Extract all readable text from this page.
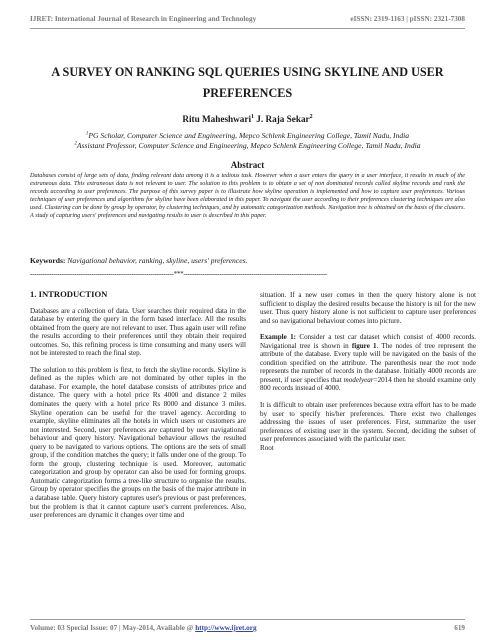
IJRET: International Journal of Research in Engineering and Technology	eISSN: 2319-1163 | pISSN: 2321-7308
A SURVEY ON RANKING SQL QUERIES USING SKYLINE AND USER
PREFERENCES
Ritu Maheshwari$^1$ J. Raja Sekar$^2$
$^1$PG Scholar, Computer Science and Engineering, Mepco Schlenk Engineering College, Tamil Nadu, India
$^2$Assistant Professor, Computer Science and Engineering, Mepco Schlenk Engineering College, Tamil Nadu, India
Abstract
Databases consist of large sets of data, finding relevant data among it is a tedious task. However when a user enters the query in a user interface, it results in much of the extraneous data. This extraneous data is not relevant to user. The solution to this problem is to obtain a set of non dominated records called skyline records and rank the records according to user preferences. The purpose of this survey paper is to illustrate how skyline operation is implemented and how to capture user preferences. Various techniques of user preferences and algorithms for skyline have been elaborated in this paper. To navigate the user according to their preferences clustering techniques are also used. Clustering can be done by group by operator, by clustering techniques, and by automatic categorization methods. Navigation tree is obtained on the basis of the clusters. A study of capturing users' preferences and navigating results to user is described in this paper.
Keywords: Navigational behavior, ranking, skyline, users' preferences.
--------------------------------------------------------------------***--------------------------------------------------------------------
1. INTRODUCTION

Databases are a collection of data. User searches their required data in the database by entering the query in the form based interface. All the results obtained from the query are not relevant to user. Thus again user will refine the results according to their preferences until they obtain their required outcomes. So, this refining process is time consuming and many users will not be interested to reach the final step.

The solution to this problem is first, to fetch the skyline records. Skyline is defined as the tuples which are not dominated by other tuples in the database. For example, the hotel database consists of attributes price and distance. The query with a hotel price Rs 4000 and distance 2 miles dominates the query with a hotel price Rs 8000 and distance 3 miles. Skyline operation can be useful for the travel agency. According to example, skyline eliminates all the hotels in which users or customers are not interested. Second, user preferences are captured by user navigational behaviour and query history. Navigational behaviour allows the resulted query to be navigated to various options. The options are the sets of small group, if the condition matches the query; it falls under one of the group. To form the group, clustering technique is used. Moreover, automatic categorization and group by operator can also be used for forming groups. Automatic categorization forms a tree-like structure to organise the results. Group by operator specifies the groups on the basis of the major attribute in a database table. Query history captures user's previous or past preferences, but the problem is that it cannot capture user's current preferences. Also, user preferences are dynamic it changes over time and

situation. If a new user comes in then the query history alone is not sufficient to display the desired results because the history is nil for the new user. Thus query history alone is not sufficient to capture user preferences and so navigational behaviour comes into picture.

Example 1: Consider a test car dataset which consist of 4000 records. Navigational tree is shown in figure 1. The nodes of tree represent the attribute of the database. Every tuple will be navigated on the basis of the condition specified on the attribute. The parenthesis near the root node represents the number of records in the database. Initially 4000 records are present, if user specifies that modelyear=2014 then he should examine only 800 records instead of 4000.

It is difficult to obtain user preferences because extra effort has to be made by user to specify his/her preferences. There exist two challenges addressing the issues of user preferences. First, summarize the user preferences of existing user in the system. Second, deciding the subset of user preferences associated with the particular user.

Root
Volume: 03 Special Issue: 07 | May-2014, Available @ http://www.ijret.org	619
